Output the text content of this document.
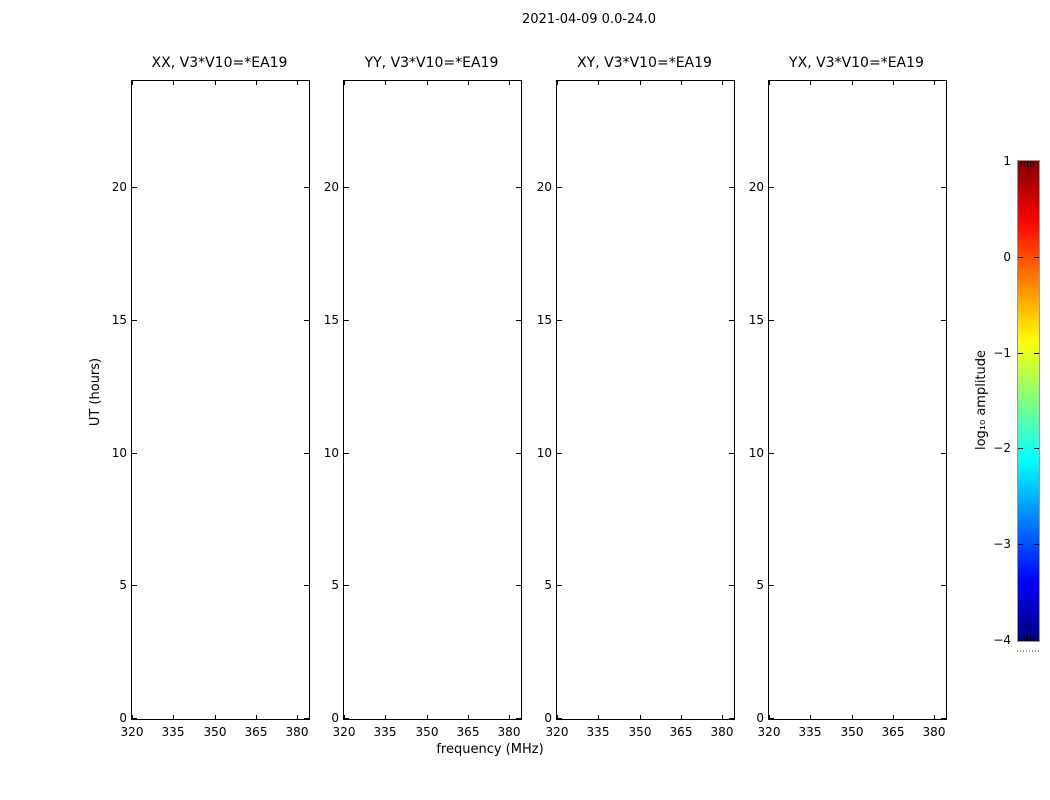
2021-04-09 0.0-24.0
XX, V3*V10=*EA19	YY, V3*V10=*EA19	XY, V3*V10=*EA19	YX, V3*V10=*EA19
320	335	350	365	380
0
5
10
15
20
320	335	350	365	380
0
5
10
15
20
320	335	350	365	380
0
5
10
15
20
320	335	350	365	380
0
5
10
15
20
UT (hours)
frequency (MHz)
1
0
−1
−2
−3
−4
log₁₀ amplitude
